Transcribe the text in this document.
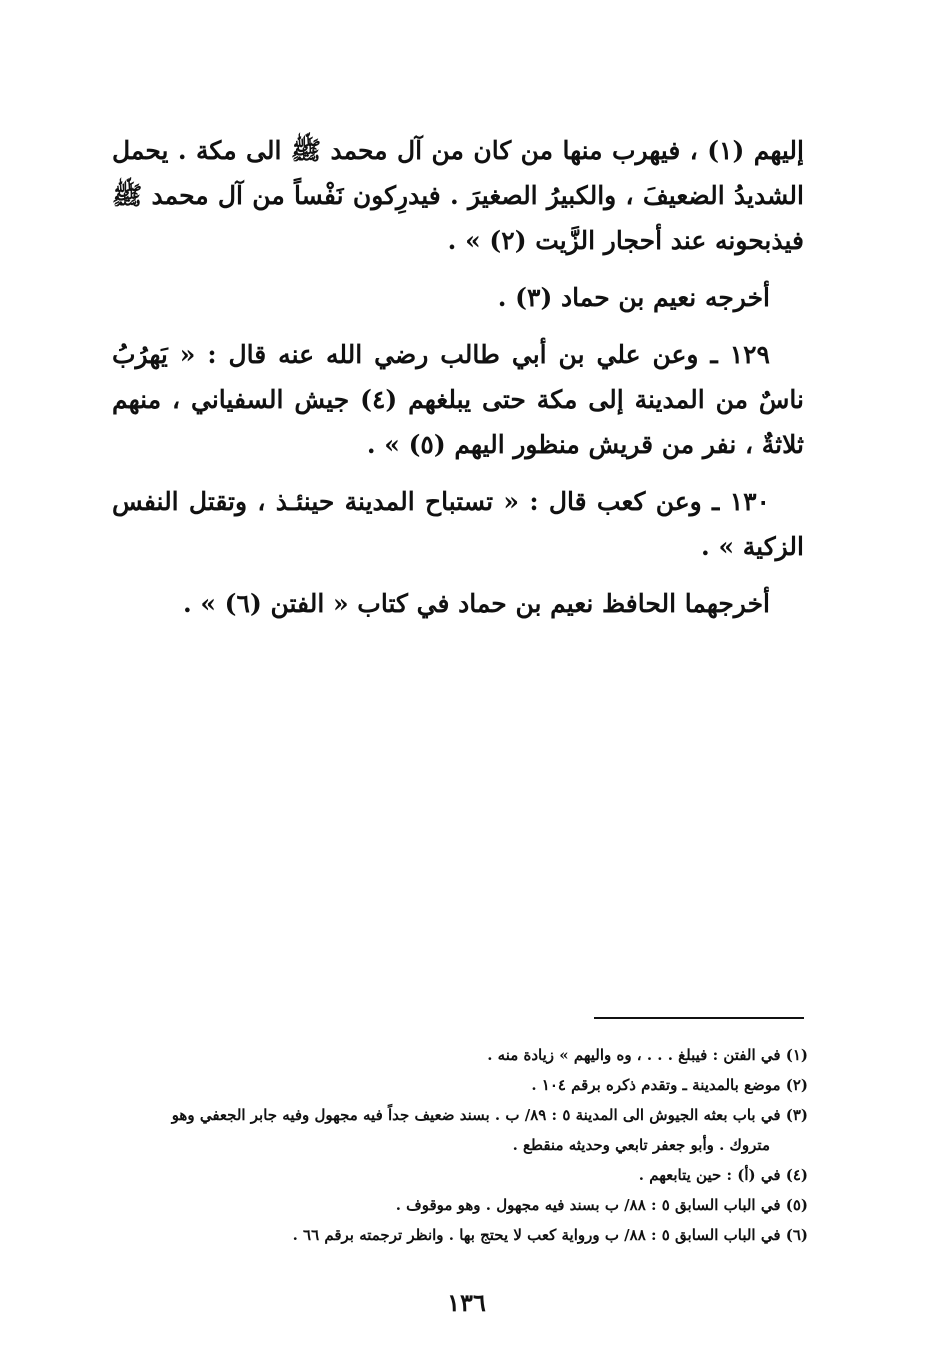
إليهم (١) ، فيهرب منها من كان من آل محمد ﷺ الى مكة . يحمل الشديدُ الضعيفَ ، والكبيرُ الصغيرَ . فيدرِكون نَفْساً من آل محمد ﷺ فيذبحونه عند أحجار الزَّيت (٢) » .

أخرجه نعيم بن حماد (٣) .

١٢٩ ـ وعن علي بن أبي طالب رضي الله عنه قال : « يَهرُبُ ناسٌ من المدينة إلى مكة حتى يبلغهم (٤) جيش السفياني ، منهم ثلاثةٌ ، نفر من قريش منظور اليهم (٥) » .

١٣٠ ـ وعن كعب قال : « تستباح المدينة حينئـذ ، وتقتل النفس الزكية » .

أخرجهما الحافظ نعيم بن حماد في كتاب « الفتن (٦) » .

(١) في الفتن : فيبلغ . . . ، وه واليهم » زيادة منه .

(٢) موضع بالمدينة ـ وتقدم ذكره برقم ١٠٤ .

(٣) في باب بعثه الجيوش الى المدينة ٥ : ٨٩/ ب . بسند ضعيف جداً فيه مجهول وفيه جابر الجعفي وهو

متروك . وأبو جعفر تابعي وحديثه منقطع .

(٤) في (أ) : حين يتابعهم .

(٥) في الباب السابق ٥ : ٨٨/ ب بسند فيه مجهول . وهو موقوف .

(٦) في الباب السابق ٥ : ٨٨/ ب ورواية كعب لا يحتج بها . وانظر ترجمته برقم ٦٦ .

١٣٦
